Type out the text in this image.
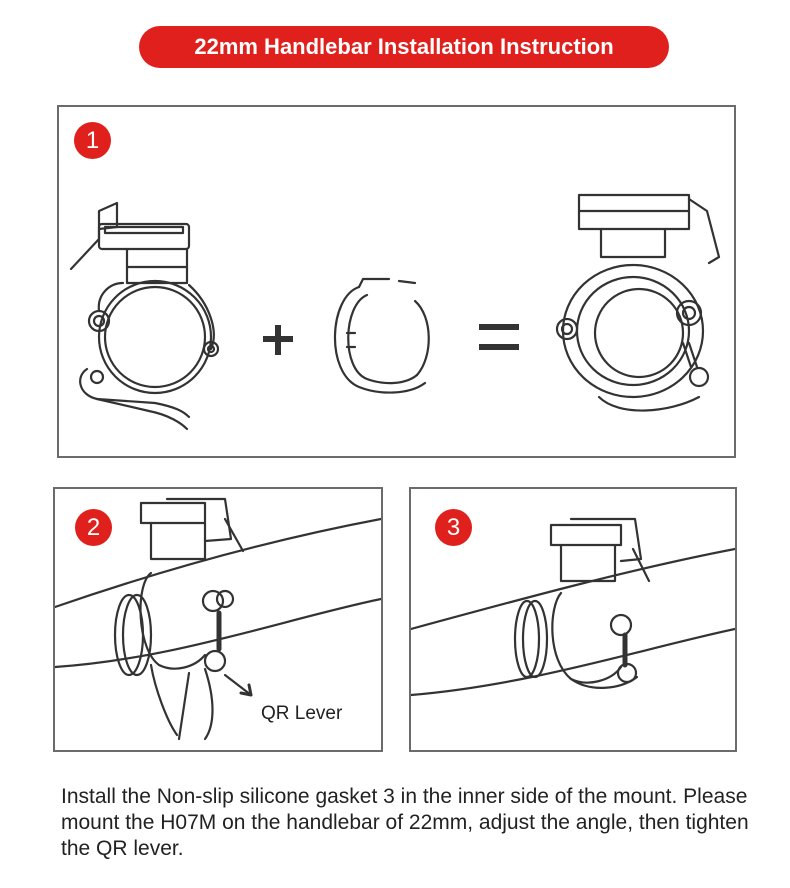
22mm Handlebar Installation Instruction
1
2
QR Lever
3
Install the Non-slip silicone gasket 3 in the inner side of the mount. Please mount the H07M on the handlebar of 22mm, adjust the angle, then tighten the QR lever.
